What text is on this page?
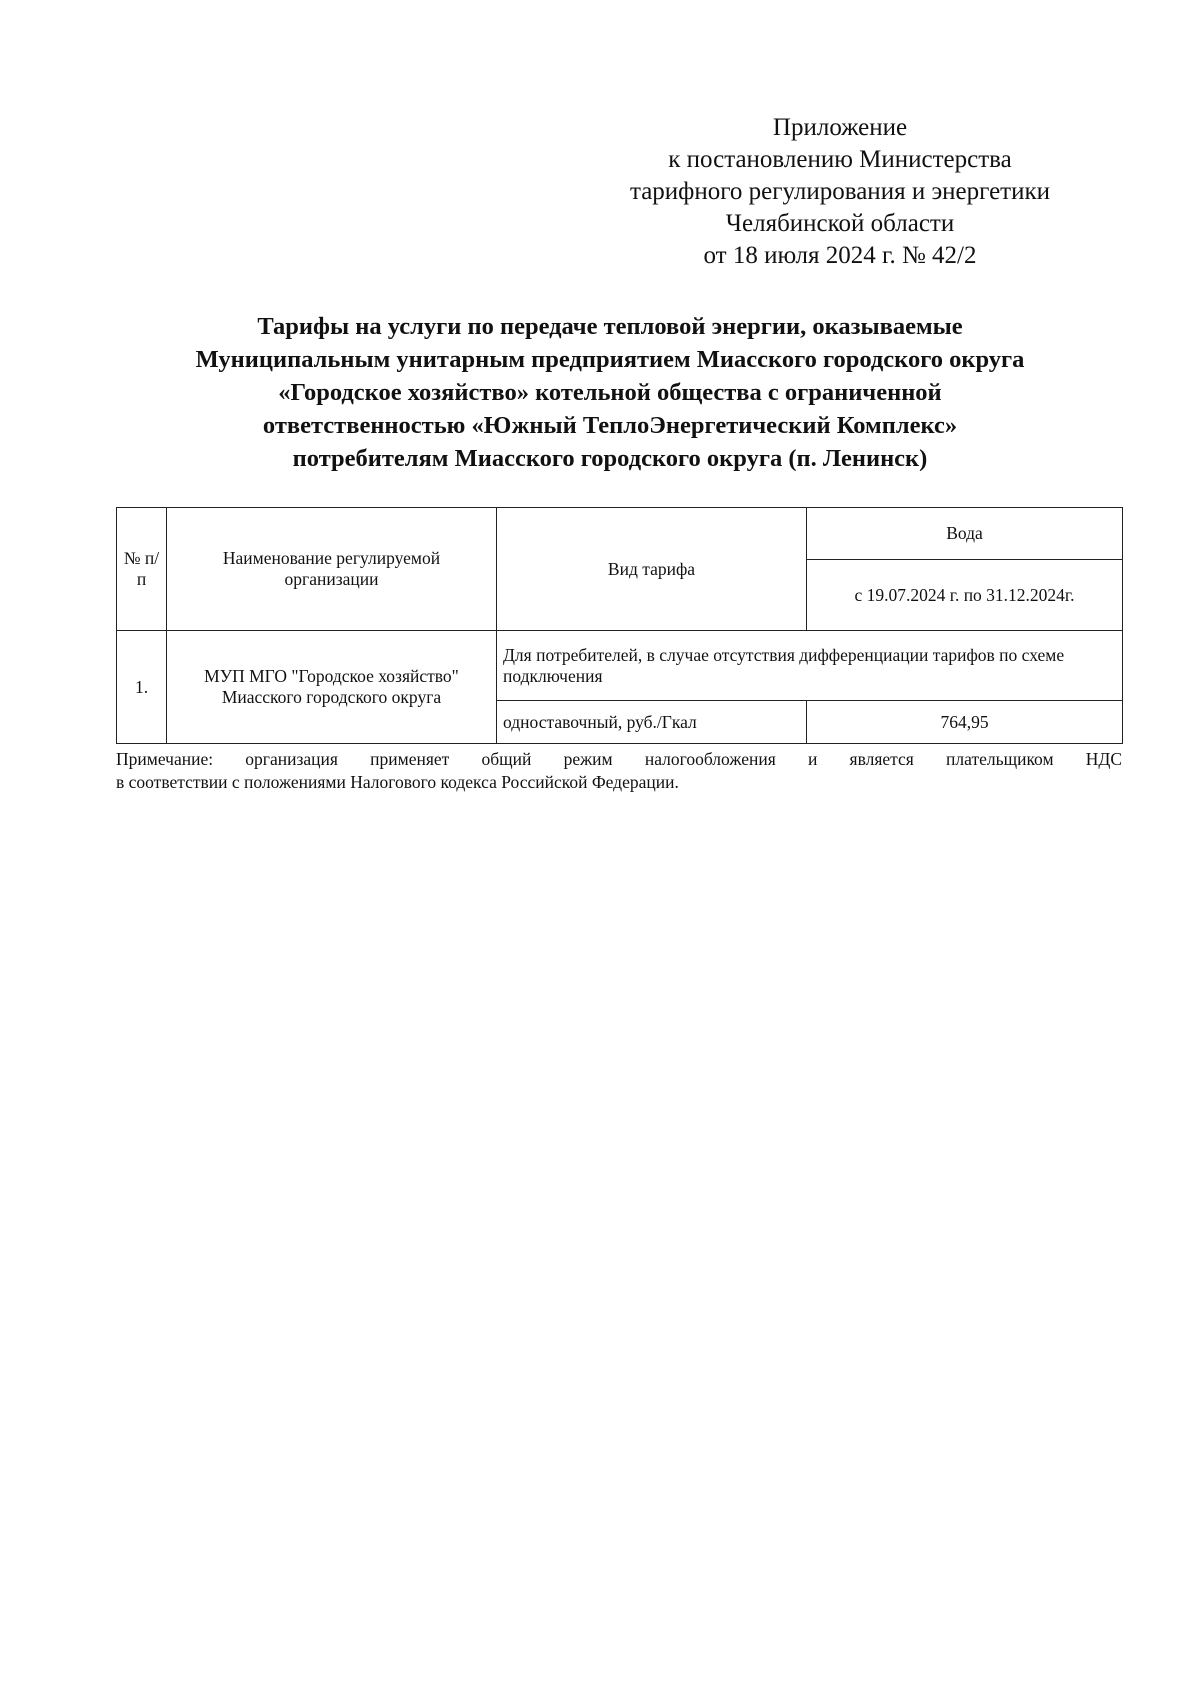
Приложение
к постановлению Министерства
тарифного регулирования и энергетики
Челябинской области
от 18 июля 2024 г. № 42/2
Тарифы на услуги по передаче тепловой энергии, оказываемые
Муниципальным унитарным предприятием Миасского городского округа
«Городское хозяйство» котельной общества с ограниченной
ответственностью «Южный ТеплоЭнергетический Комплекс»
потребителям Миасского городского округа (п. Ленинск)
№ п/п	Наименование регулируемой организации	Вид тарифа	Вода
			с 19.07.2024 г. по 31.12.2024г.
1.	МУП МГО "Городское хозяйство" Миасского городского округа	Для потребителей, в случае отсутствия дифференциации тарифов по схеме подключения	
		одноставочный, руб./Гкал	764,95
Примечание: организация применяет общий режим налогообложения и является плательщиком НДС
в соответствии с положениями Налогового кодекса Российской Федерации.
